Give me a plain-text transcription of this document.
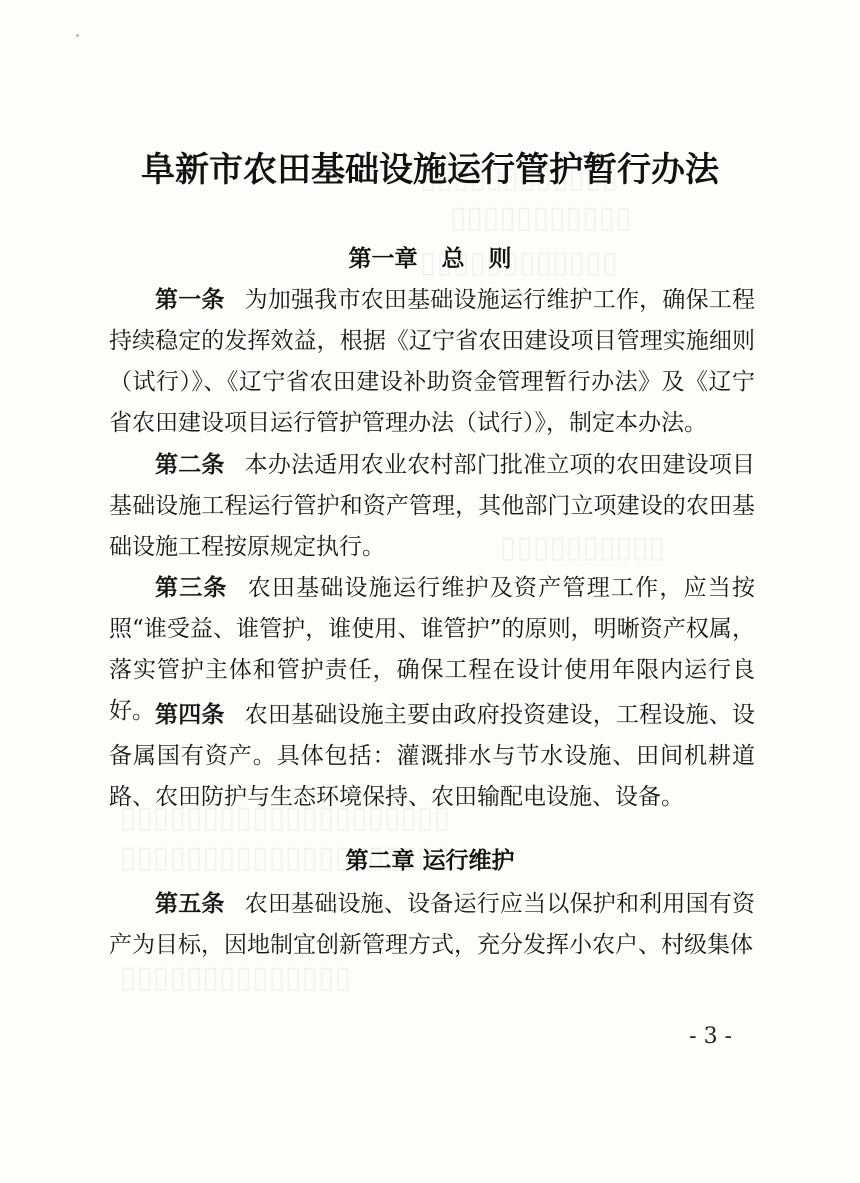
阜新市农田基础设施运行管护暂行办法
第一章 总 则
第一条 为加强我市农田基础设施运行维护工作，确保工程持续稳定的发挥效益，根据《辽宁省农田建设项目管理实施细则（试行）》、《辽宁省农田建设补助资金管理暂行办法》及《辽宁省农田建设项目运行管护管理办法（试行）》，制定本办法。
第二条 本办法适用农业农村部门批准立项的农田建设项目基础设施工程运行管护和资产管理，其他部门立项建设的农田基础设施工程按原规定执行。
第三条 农田基础设施运行维护及资产管理工作，应当按照“谁受益、谁管护，谁使用、谁管护”的原则，明晰资产权属，落实管护主体和管护责任，确保工程在设计使用年限内运行良好。 第四条 农田基础设施主要由政府投资建设，工程设施、设备属国有资产。具体包括：灌溉排水与节水设施、田间机耕道路、农田防护与生态环境保持、农田输配电设施、设备。
第二章 运行维护
第五条 农田基础设施、设备运行应当以保护和利用国有资产为目标，因地制宜创新管理方式，充分发挥小农户、村级集体
- 3 -
